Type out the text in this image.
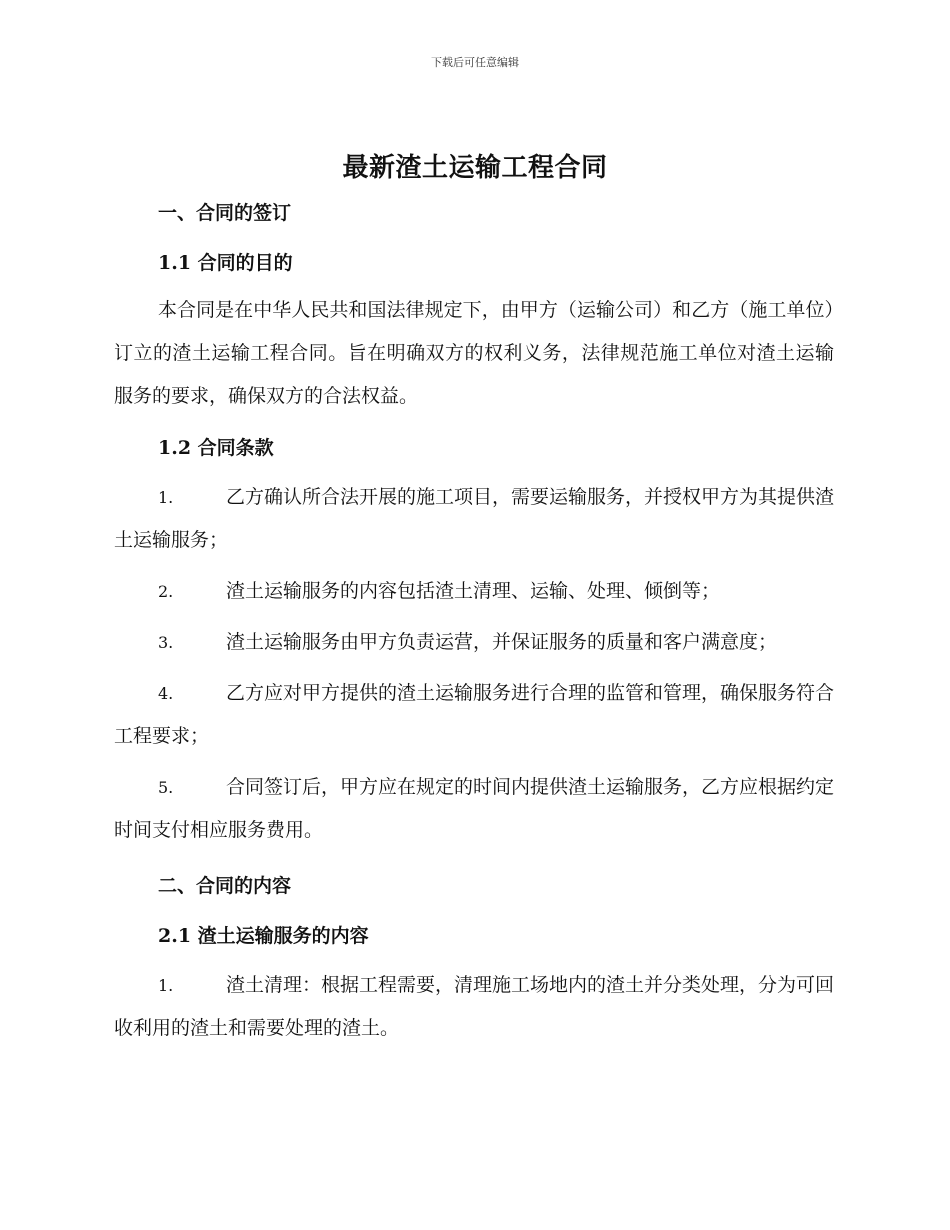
下载后可任意编辑
最新渣土运输工程合同
一、合同的签订
1.1 合同的目的
本合同是在中华人民共和国法律规定下，由甲方（运输公司）和乙方（施工单位）订立的渣土运输工程合同。旨在明确双方的权利义务，法律规范施工单位对渣土运输服务的要求，确保双方的合法权益。
1.2 合同条款
1.	乙方确认所合法开展的施工项目，需要运输服务，并授权甲方为其提供渣土运输服务；
2.	渣土运输服务的内容包括渣土清理、运输、处理、倾倒等；
3.	渣土运输服务由甲方负责运营，并保证服务的质量和客户满意度；
4.	乙方应对甲方提供的渣土运输服务进行合理的监管和管理，确保服务符合工程要求；
5.	合同签订后，甲方应在规定的时间内提供渣土运输服务，乙方应根据约定时间支付相应服务费用。
二、合同的内容
2.1 渣土运输服务的内容
1.	渣土清理：根据工程需要，清理施工场地内的渣土并分类处理，分为可回收利用的渣土和需要处理的渣土。
